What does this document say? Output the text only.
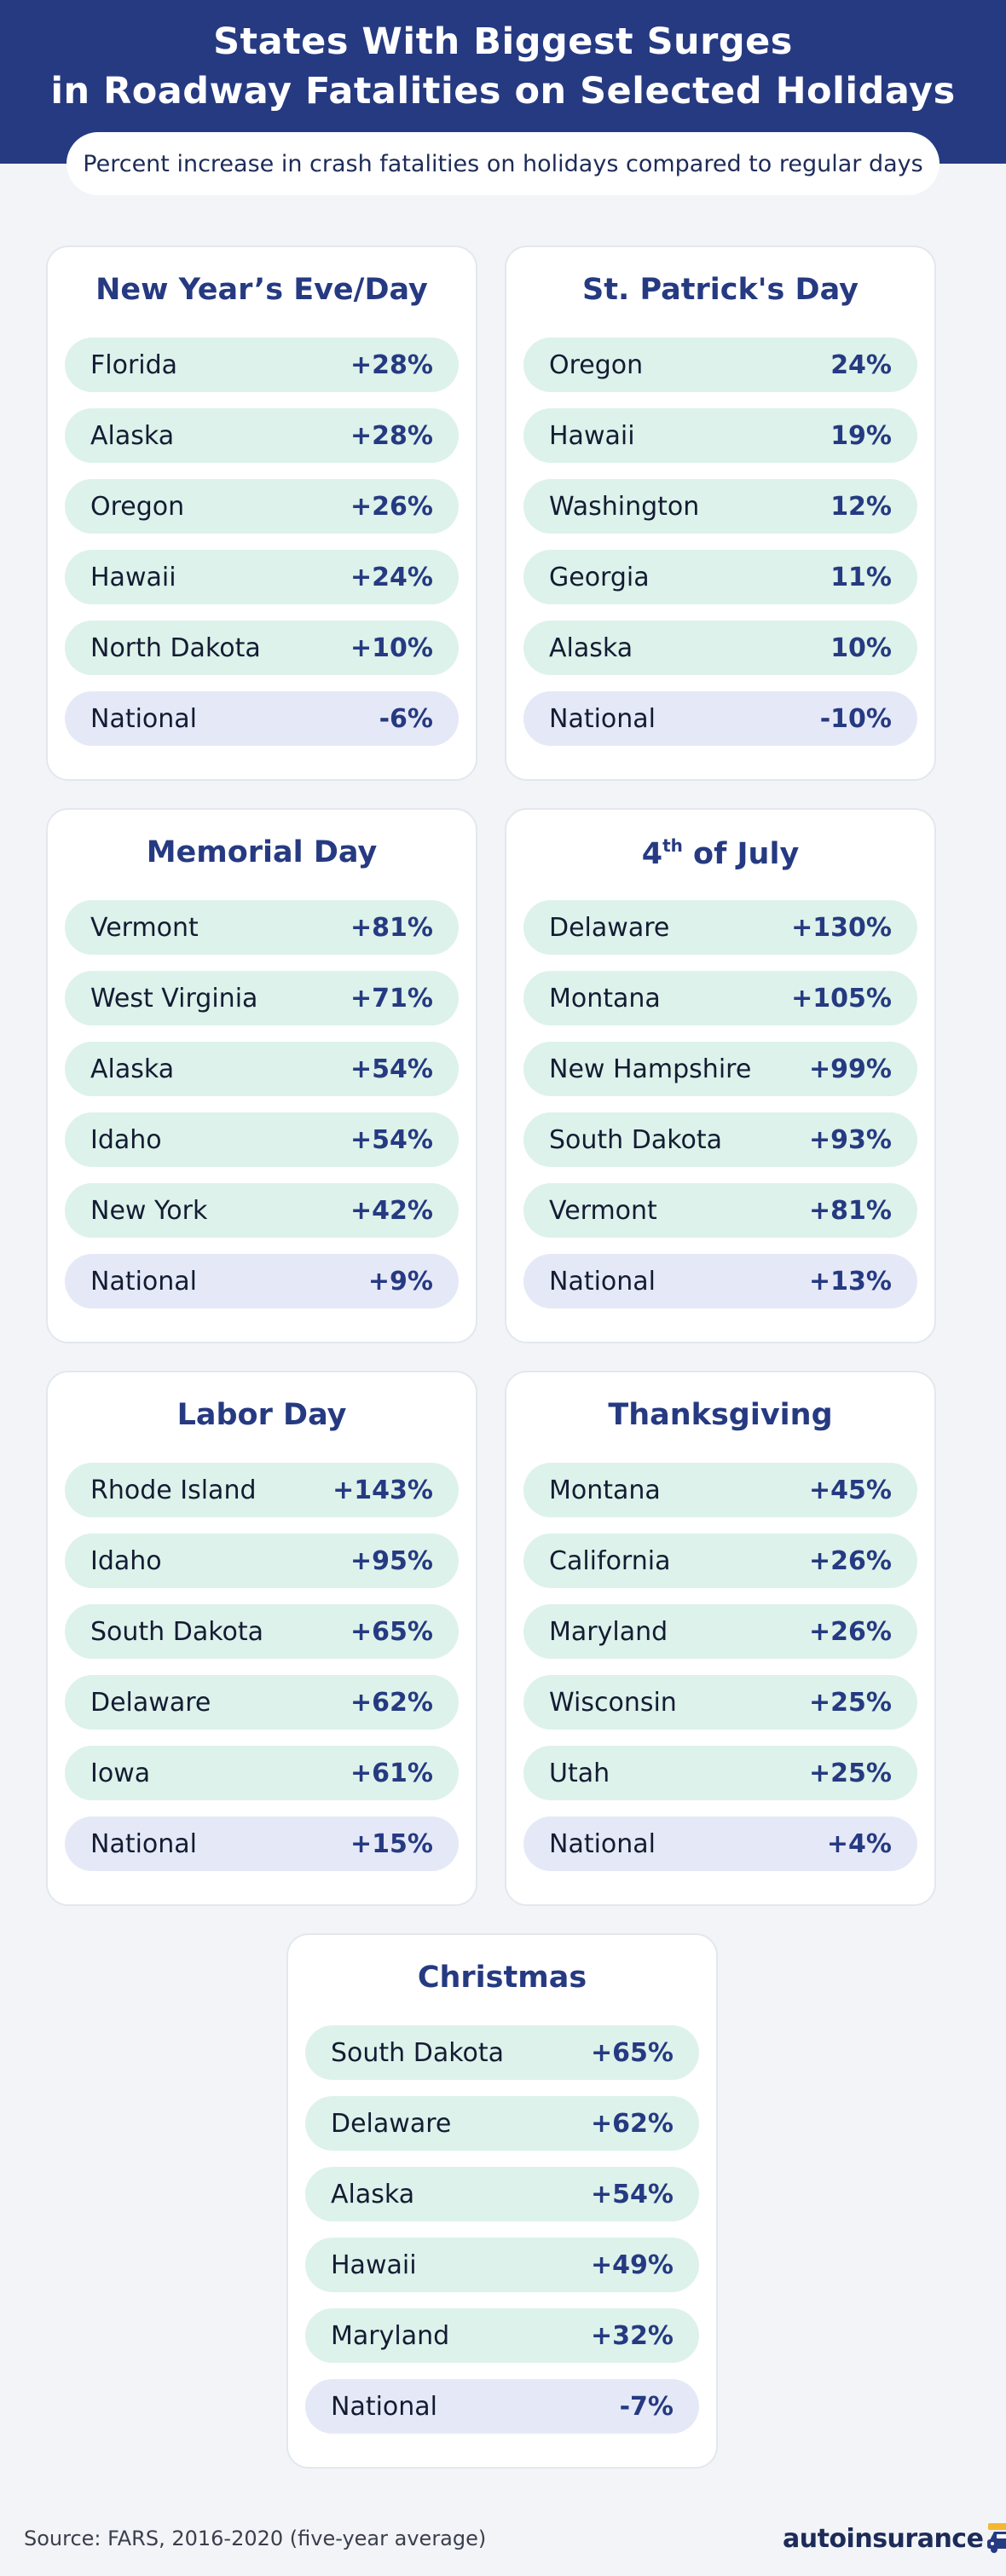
States With Biggest Surges
in Roadway Fatalities on Selected Holidays
Percent increase in crash fatalities on holidays compared to regular days
New Year’s Eve/Day
Florida	+28%
Alaska	+28%
Oregon	+26%
Hawaii	+24%
North Dakota	+10%
National	-6%
St. Patrick's Day
Oregon	24%
Hawaii	19%
Washington	12%
Georgia	11%
Alaska	10%
National	-10%
Memorial Day
Vermont	+81%
West Virginia	+71%
Alaska	+54%
Idaho	+54%
New York	+42%
National	+9%
4th of July
Delaware	+130%
Montana	+105%
New Hampshire +99%
South Dakota	+93%
Vermont	+81%
National	+13%
Labor Day
Rhode Island	+143%
Idaho	+95%
South Dakota	+65%
Delaware	+62%
Iowa	+61%
National	+15%
Thanksgiving
Montana	+45%
California	+26%
Maryland	+26%
Wisconsin	+25%
Utah	+25%
National	+4%
Christmas
South Dakota	+65%
Delaware	+62%
Alaska	+54%
Hawaii	+49%
Maryland	+32%
National	-7%
Source: FARS, 2016-2020 (five-year average)	autoinsurance
